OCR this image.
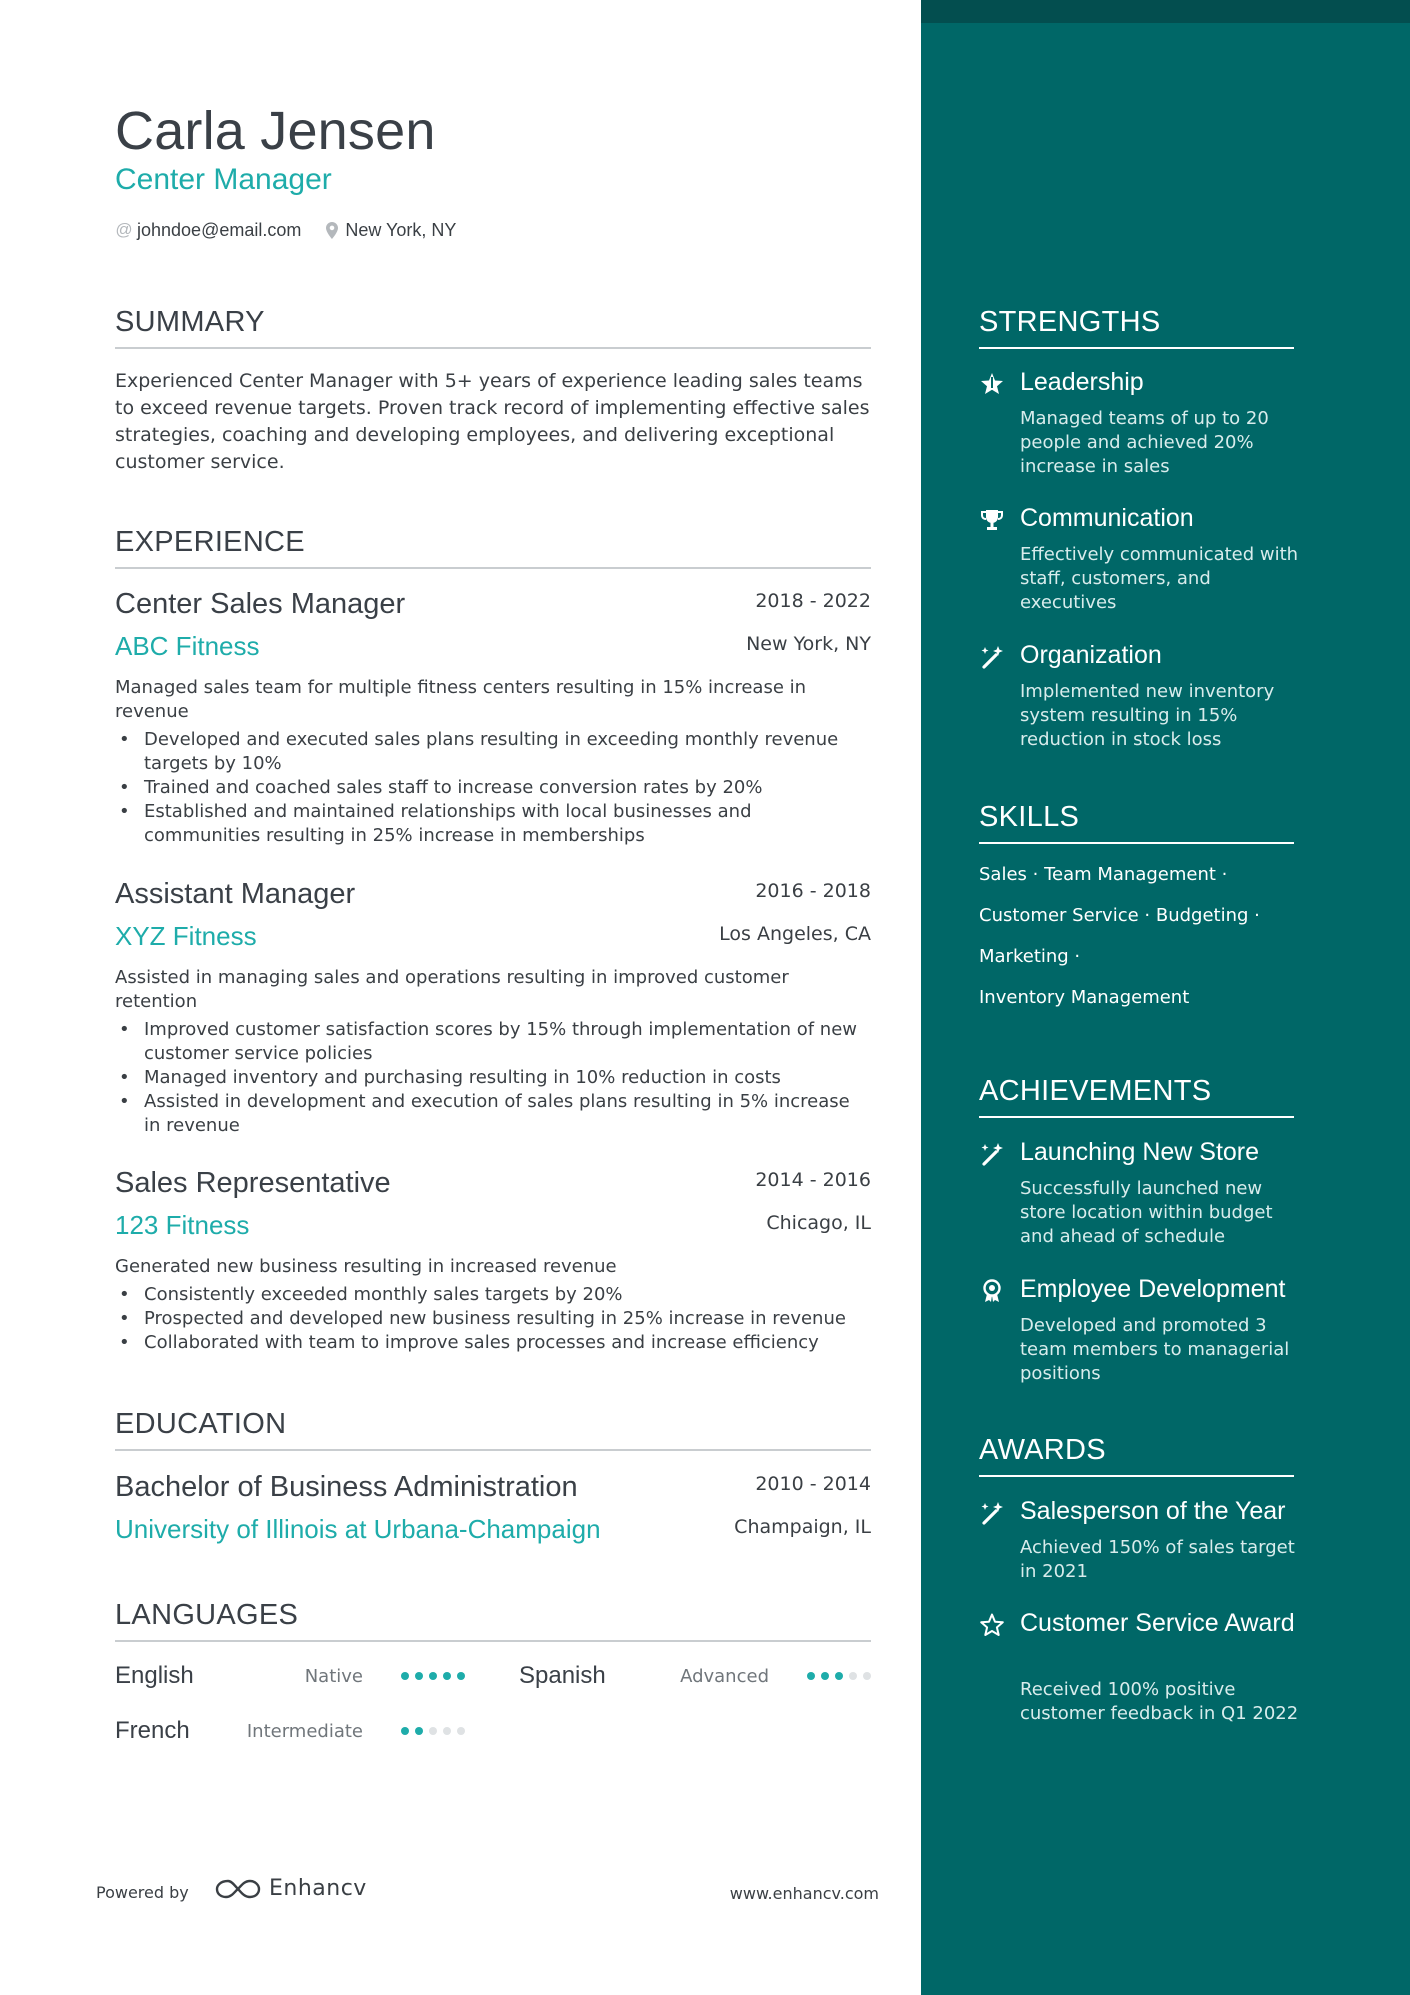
Carla Jensen
Center Manager
@ johndoe@email.com New York, NY
SUMMARY
Experienced Center Manager with 5+ years of experience leading sales teams to exceed revenue targets. Proven track record of implementing effective sales strategies, coaching and developing employees, and delivering exceptional customer service.
EXPERIENCE
Center Sales Manager	2018 - 2022
ABC Fitness	New York, NY
Managed sales team for multiple fitness centers resulting in 15% increase in revenue
• Developed and executed sales plans resulting in exceeding monthly revenue targets by 10%
• Trained and coached sales staff to increase conversion rates by 20%
• Established and maintained relationships with local businesses and communities resulting in 25% increase in memberships
Assistant Manager	2016 - 2018
XYZ Fitness	Los Angeles, CA
Assisted in managing sales and operations resulting in improved customer retention
• Improved customer satisfaction scores by 15% through implementation of new customer service policies
• Managed inventory and purchasing resulting in 10% reduction in costs
• Assisted in development and execution of sales plans resulting in 5% increase in revenue
Sales Representative	2014 - 2016
123 Fitness	Chicago, IL
Generated new business resulting in increased revenue
• Consistently exceeded monthly sales targets by 20%
• Prospected and developed new business resulting in 25% increase in revenue
• Collaborated with team to improve sales processes and increase efficiency
EDUCATION
Bachelor of Business Administration	2010 - 2014
University of Illinois at Urbana-Champaign	Champaign, IL
LANGUAGES
English	Native	Spanish	Advanced
French	Intermediate
Powered by	Enhancv	www.enhancv.com
STRENGTHS
Leadership
Managed teams of up to 20 people and achieved 20% increase in sales
Communication
Effectively communicated with staff, customers, and executives
Organization
Implemented new inventory system resulting in 15% reduction in stock loss
SKILLS
Sales · Team Management ·
Customer Service · Budgeting ·
Marketing ·
Inventory Management
ACHIEVEMENTS
Launching New Store
Successfully launched new store location within budget and ahead of schedule
Employee Development
Developed and promoted 3 team members to managerial positions
AWARDS
Salesperson of the Year
Achieved 150% of sales target in 2021
Customer Service Award
Received 100% positive customer feedback in Q1 2022
